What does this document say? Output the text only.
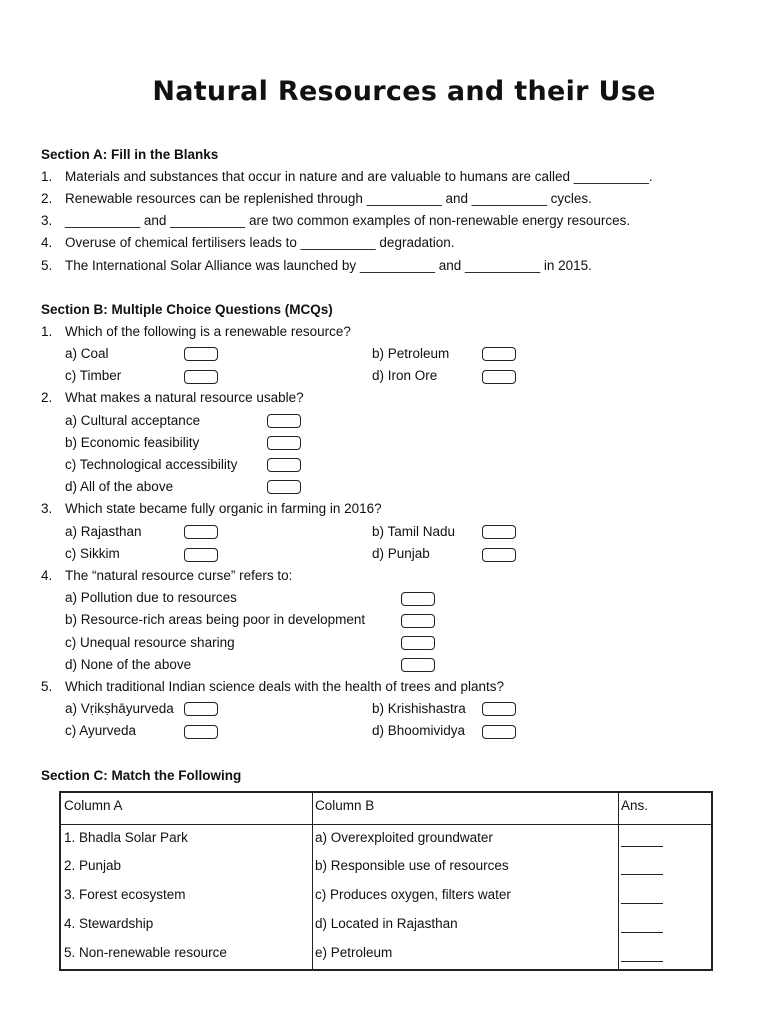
Natural Resources and their Use
Section A: Fill in the Blanks
1. Materials and substances that occur in nature and are valuable to humans are called __________.
2. Renewable resources can be replenished through __________ and __________ cycles.
3. __________ and __________ are two common examples of non-renewable energy resources.
4. Overuse of chemical fertilisers leads to __________ degradation.
5. The International Solar Alliance was launched by __________ and __________ in 2015.
Section B: Multiple Choice Questions (MCQs)
1. Which of the following is a renewable resource?
a) Coal	b) Petroleum
c) Timber	d) Iron Ore
2. What makes a natural resource usable?
a) Cultural acceptance
b) Economic feasibility
c) Technological accessibility
d) All of the above
3. Which state became fully organic in farming in 2016?
a) Rajasthan	b) Tamil Nadu
c) Sikkim	d) Punjab
4. The “natural resource curse” refers to:
a) Pollution due to resources
b) Resource-rich areas being poor in development
c) Unequal resource sharing
d) None of the above
5. Which traditional Indian science deals with the health of trees and plants?
a) Vṛikṣhāyurveda	b) Krishishastra
c) Ayurveda	d) Bhoomividya
Section C: Match the Following
Column A	Column B	Ans.
1. Bhadla Solar Park	a) Overexploited groundwater
2. Punjab	b) Responsible use of resources
3. Forest ecosystem	c) Produces oxygen, filters water
4. Stewardship	d) Located in Rajasthan
5. Non-renewable resource	e) Petroleum
